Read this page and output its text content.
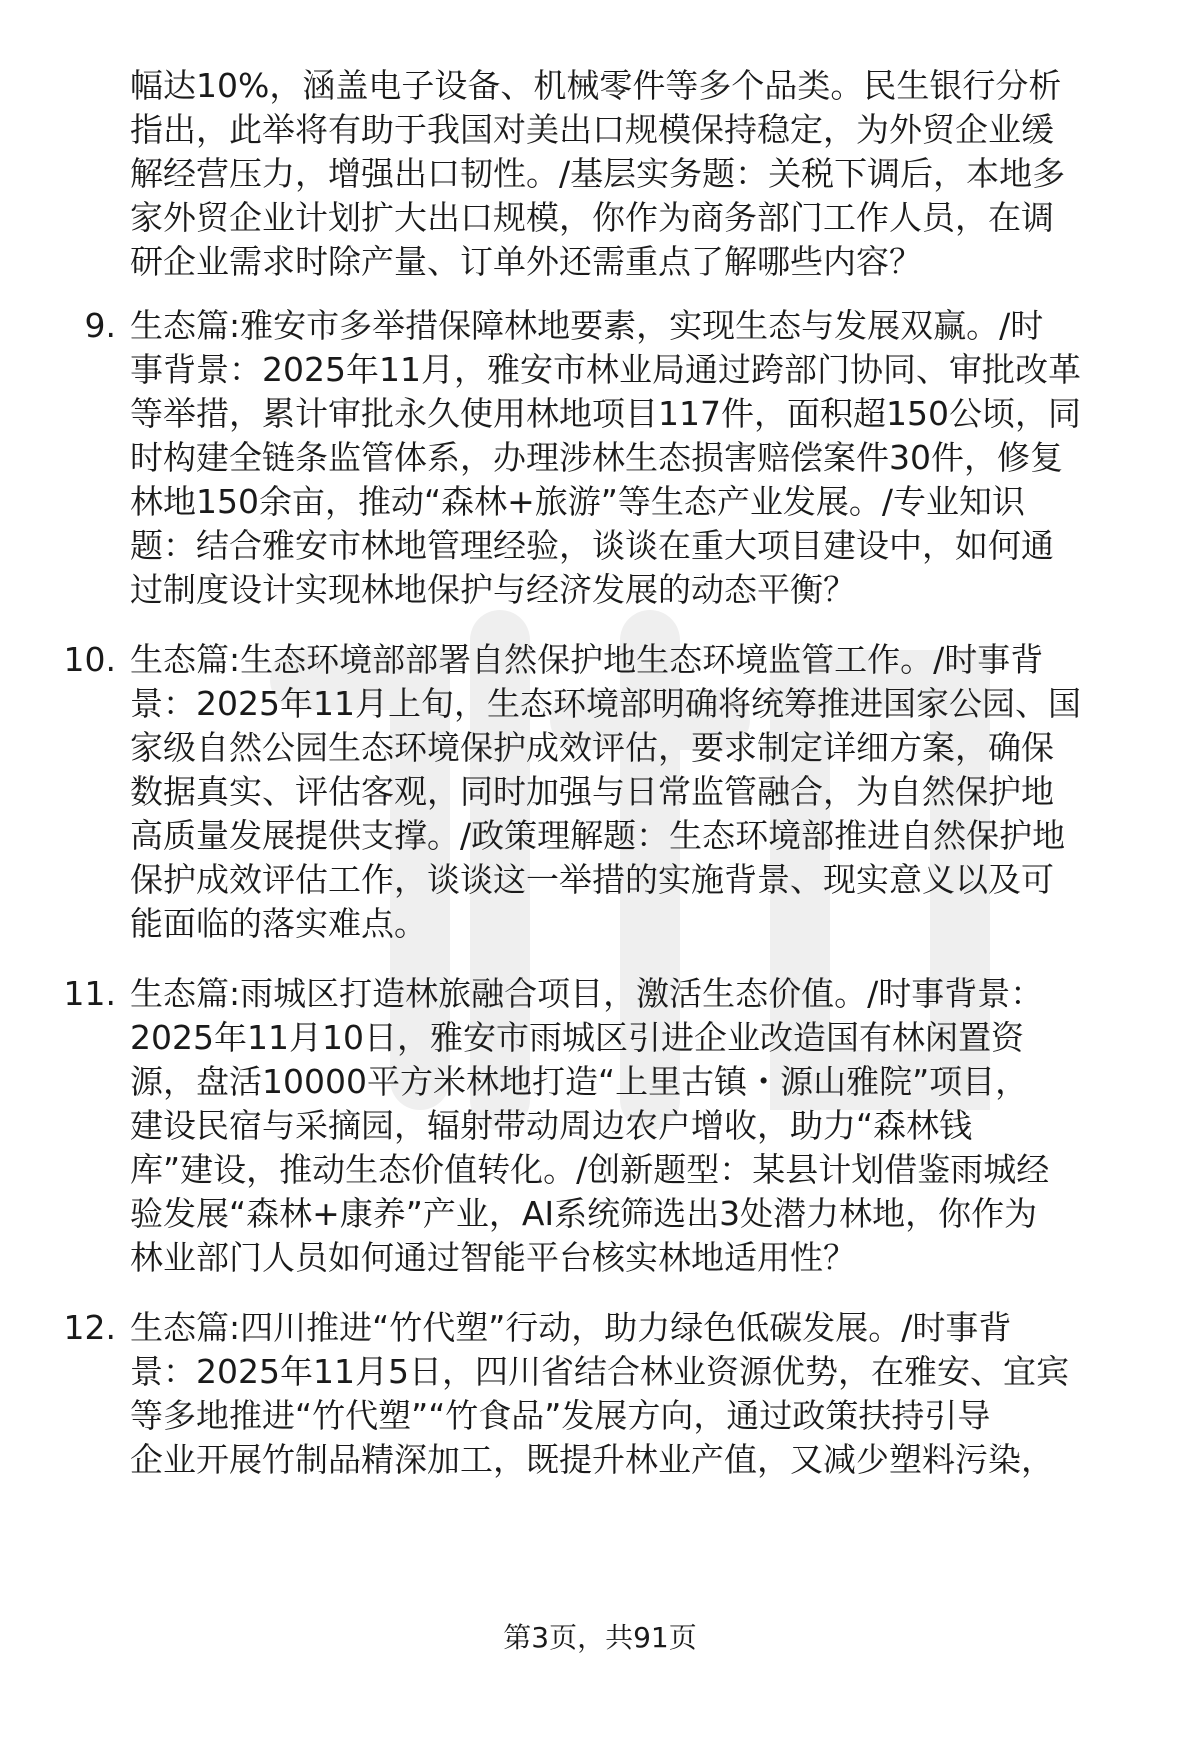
幅达10%，涵盖电子设备、机械零件等多个品类。民生银行分析
指出，此举将有助于我国对美出口规模保持稳定，为外贸企业缓
解经营压力，增强出口韧性。/基层实务题：关税下调后，本地多
家外贸企业计划扩大出口规模，你作为商务部门工作人员，在调
研企业需求时除产量、订单外还需重点了解哪些内容？

9. 生态篇:雅安市多举措保障林地要素，实现生态与发展双赢。/时
事背景：2025年11月，雅安市林业局通过跨部门协同、审批改革
等举措，累计审批永久使用林地项目117件，面积超150公顷，同
时构建全链条监管体系，办理涉林生态损害赔偿案件30件，修复
林地150余亩，推动“森林+旅游”等生态产业发展。/专业知识
题：结合雅安市林地管理经验，谈谈在重大项目建设中，如何通
过制度设计实现林地保护与经济发展的动态平衡？

10. 生态篇:生态环境部部署自然保护地生态环境监管工作。/时事背
景：2025年11月上旬，生态环境部明确将统筹推进国家公园、国
家级自然公园生态环境保护成效评估，要求制定详细方案，确保
数据真实、评估客观，同时加强与日常监管融合，为自然保护地
高质量发展提供支撑。/政策理解题：生态环境部推进自然保护地
保护成效评估工作，谈谈这一举措的实施背景、现实意义以及可
能面临的落实难点。

11. 生态篇:雨城区打造林旅融合项目，激活生态价值。/时事背景：
2025年11月10日，雅安市雨城区引进企业改造国有林闲置资
源，盘活10000平方米林地打造“上里古镇・源山雅院”项目，
建设民宿与采摘园，辐射带动周边农户增收，助力“森林钱
库”建设，推动生态价值转化。/创新题型：某县计划借鉴雨城经
验发展“森林+康养”产业，AI系统筛选出3处潜力林地，你作为
林业部门人员如何通过智能平台核实林地适用性？

12. 生态篇:四川推进“竹代塑”行动，助力绿色低碳发展。/时事背
景：2025年11月5日，四川省结合林业资源优势，在雅安、宜宾
等多地推进“竹代塑”“竹食品”发展方向，通过政策扶持引导
企业开展竹制品精深加工，既提升林业产值，又减少塑料污染，

第3页，共91页
